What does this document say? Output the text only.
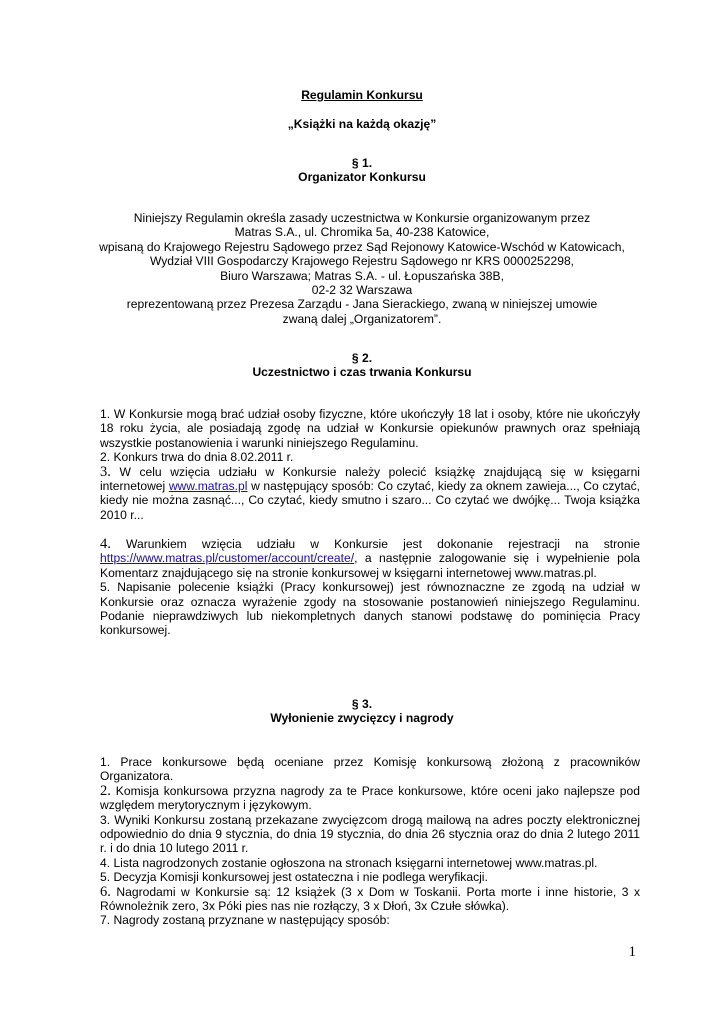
Regulamin Konkursu
„Książki na każdą okazję”
§ 1.
Organizator Konkursu
Niniejszy Regulamin określa zasady uczestnictwa w Konkursie organizowanym przez
Matras S.A., ul. Chromika 5a, 40-238 Katowice,
wpisaną do Krajowego Rejestru Sądowego przez Sąd Rejonowy Katowice-Wschód w Katowicach,
Wydział VIII Gospodarczy Krajowego Rejestru Sądowego nr KRS 0000252298,
Biuro Warszawa; Matras S.A. - ul. Łopuszańska 38B,
02-2 32 Warszawa
reprezentowaną przez Prezesa Zarządu - Jana Sierackiego, zwaną w niniejszej umowie
zwaną dalej „Organizatorem”.
§ 2.
Uczestnictwo i czas trwania Konkursu

1. W Konkursie mogą brać udział osoby fizyczne, które ukończyły 18 lat i osoby, które nie ukończyły 18 roku życia, ale posiadają zgodę na udział w Konkursie opiekunów prawnych oraz spełniają wszystkie postanowienia i warunki niniejszego Regulaminu.

2. Konkurs trwa do dnia 8.02.2011 r.

3. W celu wzięcia udziału w Konkursie należy polecić książkę znajdującą się w księgarni internetowej www.matras.pl w następujący sposób: Co czytać, kiedy za oknem zawieja..., Co czytać, kiedy nie można zasnąć..., Co czytać, kiedy smutno i szaro... Co czytać we dwójkę... Twoja książka 2010 r...

4. Warunkiem wzięcia udziału w Konkursie jest dokonanie rejestracji na stronie https://www.matras.pl/customer/account/create/, a następnie zalogowanie się i wypełnienie pola Komentarz znajdującego się na stronie konkursowej w księgarni internetowej www.matras.pl.

5. Napisanie polecenie książki (Pracy konkursowej) jest równoznaczne ze zgodą na udział w Konkursie oraz oznacza wyrażenie zgody na stosowanie postanowień niniejszego Regulaminu. Podanie nieprawdziwych lub niekompletnych danych stanowi podstawę do pominięcia Pracy konkursowej.

§ 3.
Wyłonienie zwycięzcy i nagrody

1. Prace konkursowe będą oceniane przez Komisję konkursową złożoną z pracowników Organizatora.

2. Komisja konkursowa przyzna nagrody za te Prace konkursowe, które oceni jako najlepsze pod względem merytorycznym i językowym.

3. Wyniki Konkursu zostaną przekazane zwycięzcom drogą mailową na adres poczty elektronicznej odpowiednio do dnia 9 stycznia, do dnia 19 stycznia, do dnia 26 stycznia oraz do dnia 2 lutego 2011 r. i do dnia 10 lutego 2011 r.

4. Lista nagrodzonych zostanie ogłoszona na stronach księgarni internetowej www.matras.pl.

5. Decyzja Komisji konkursowej jest ostateczna i nie podlega weryfikacji.

6. Nagrodami w Konkursie są: 12 książek (3 x Dom w Toskanii. Porta morte i inne historie, 3 x Równoleżnik zero, 3x Póki pies nas nie rozłączy, 3 x Dłoń, 3x Czułe słówka).

7. Nagrody zostaną przyznane w następujący sposób:

1
